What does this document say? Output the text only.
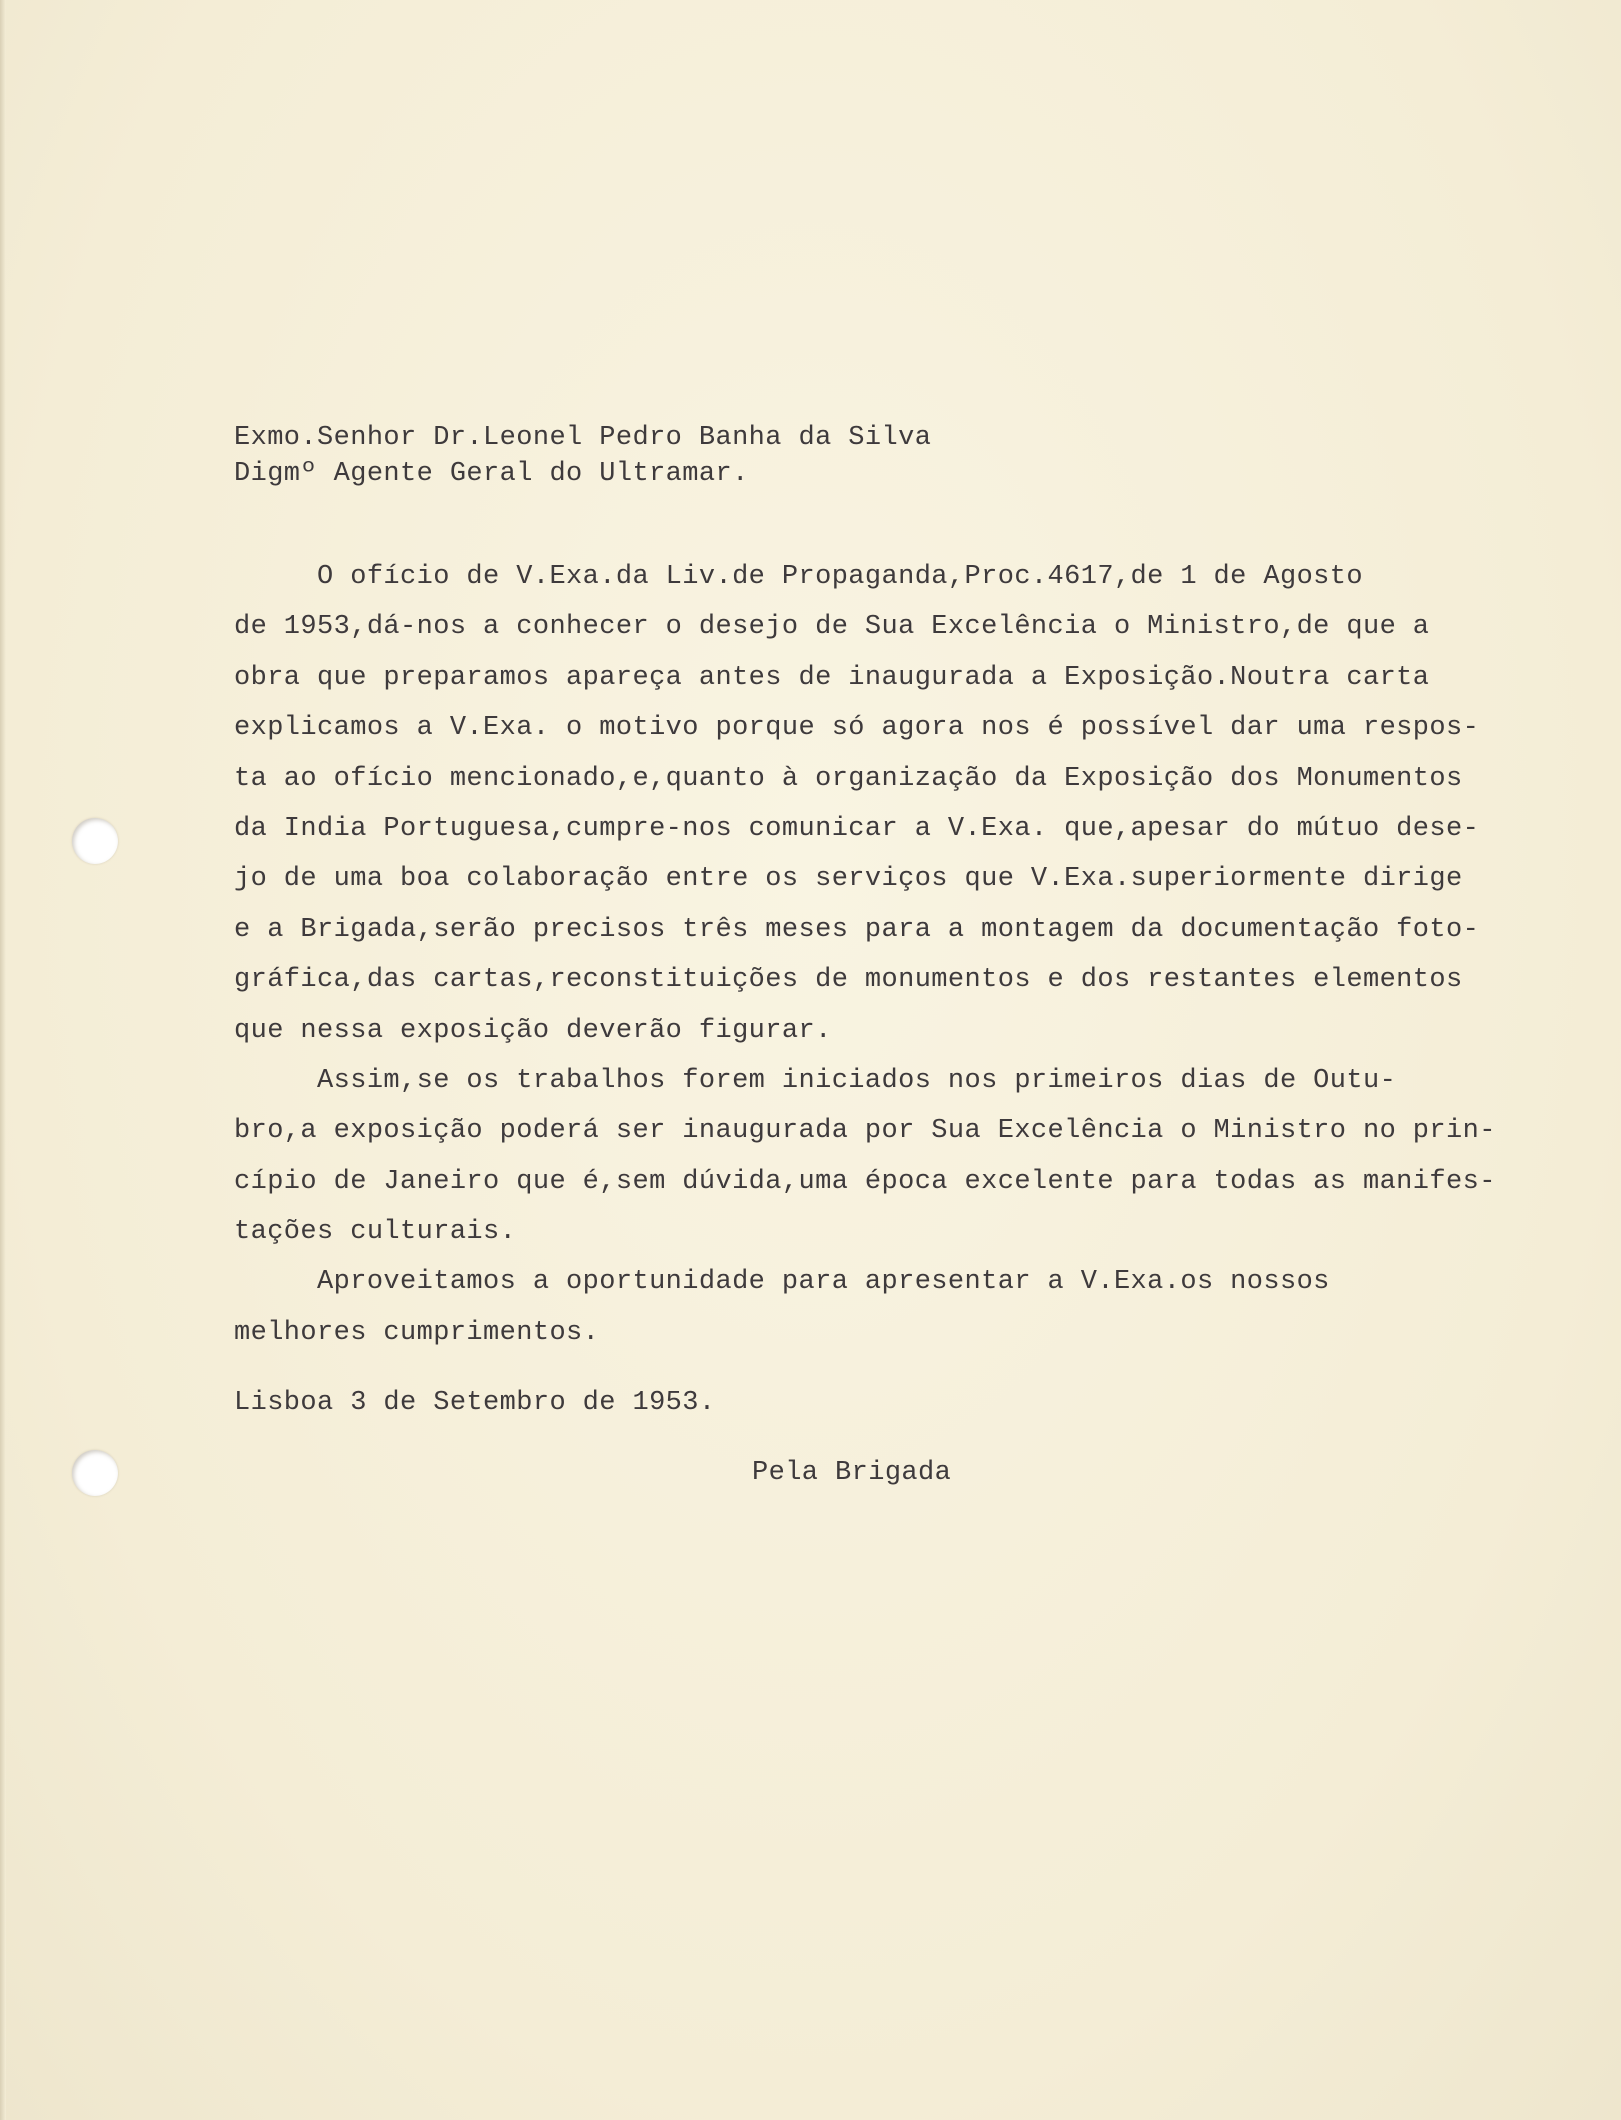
Exmo.Senhor Dr.Leonel Pedro Banha da Silva
Digmº Agente Geral do Ultramar.
O ofício de V.Exa.da Liv.de Propaganda,Proc.4617,de 1 de Agosto
de 1953,dá-nos a conhecer o desejo de Sua Excelência o Ministro,de que a
obra que preparamos apareça antes de inaugurada a Exposição.Noutra carta
explicamos a V.Exa. o motivo porque só agora nos é possível dar uma respos-
ta ao ofício mencionado,e,quanto à organização da Exposição dos Monumentos
da India Portuguesa,cumpre-nos comunicar a V.Exa. que,apesar do mútuo dese-
jo de uma boa colaboração entre os serviços que V.Exa.superiormente dirige
e a Brigada,serão precisos três meses para a montagem da documentação foto-
gráfica,das cartas,reconstituições de monumentos e dos restantes elementos
que nessa exposição deverão figurar.
Assim,se os trabalhos forem iniciados nos primeiros dias de Outu-
bro,a exposição poderá ser inaugurada por Sua Excelência o Ministro no prin-
cípio de Janeiro que é,sem dúvida,uma época excelente para todas as manifes-
tações culturais.
Aproveitamos a oportunidade para apresentar a V.Exa.os nossos
melhores cumprimentos.

Lisboa 3 de Setembro de 1953.

Pela Brigada
